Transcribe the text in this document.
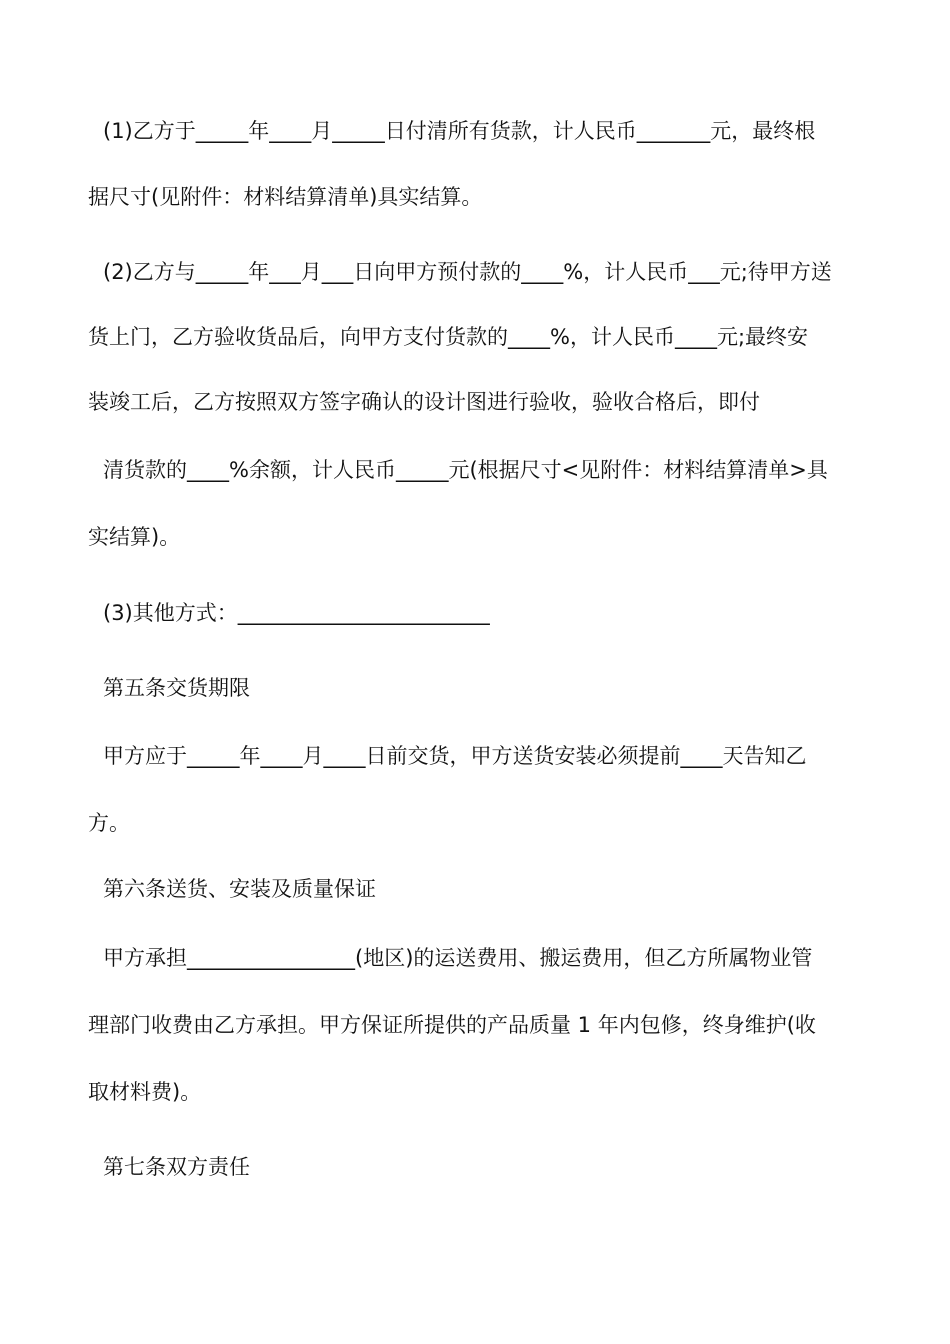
(1)乙方于_____年____月_____日付清所有货款，计人民币_______元，最终根
据尺寸(见附件：材料结算清单)具实结算。
(2)乙方与_____年___月___日向甲方预付款的____%，计人民币___元;待甲方送
货上门，乙方验收货品后，向甲方支付货款的____%，计人民币____元;最终安
装竣工后，乙方按照双方签字确认的设计图进行验收，验收合格后，即付
清货款的____%余额，计人民币_____元(根据尺寸<见附件：材料结算清单>具
实结算)。
(3)其他方式：________________________
第五条交货期限
甲方应于_____年____月____日前交货，甲方送货安装必须提前____天告知乙
方。
第六条送货、安装及质量保证
甲方承担________________(地区)的运送费用、搬运费用，但乙方所属物业管
理部门收费由乙方承担。甲方保证所提供的产品质量 1 年内包修，终身维护(收
取材料费)。
第七条双方责任
